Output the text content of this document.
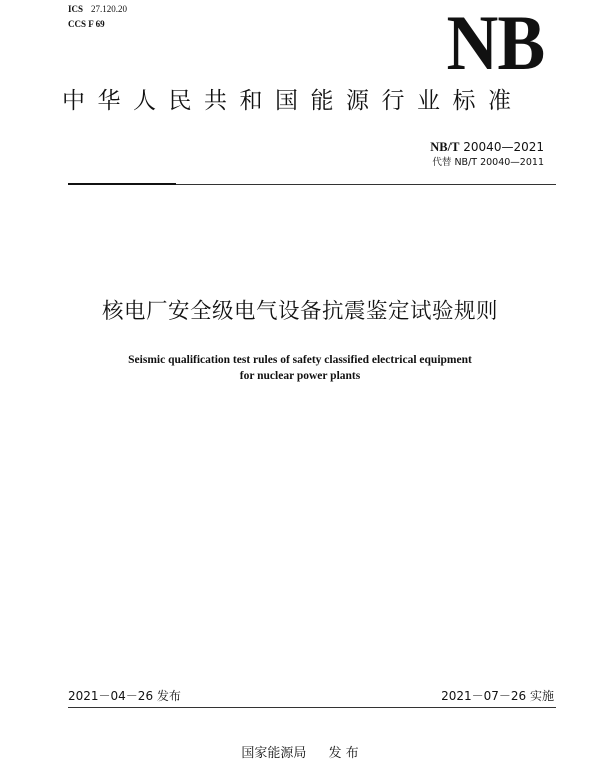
ICS 27.120.20
CCS F 69	NB
中华人民共和国能源行业标准
NB/T 20040—2021
代替 NB/T 20040—2011
核电厂安全级电气设备抗震鉴定试验规则
Seismic qualification test rules of safety classified electrical equipment
for nuclear power plants
2021－04－26 发布	2021－07－26 实施
国家能源局 发 布
